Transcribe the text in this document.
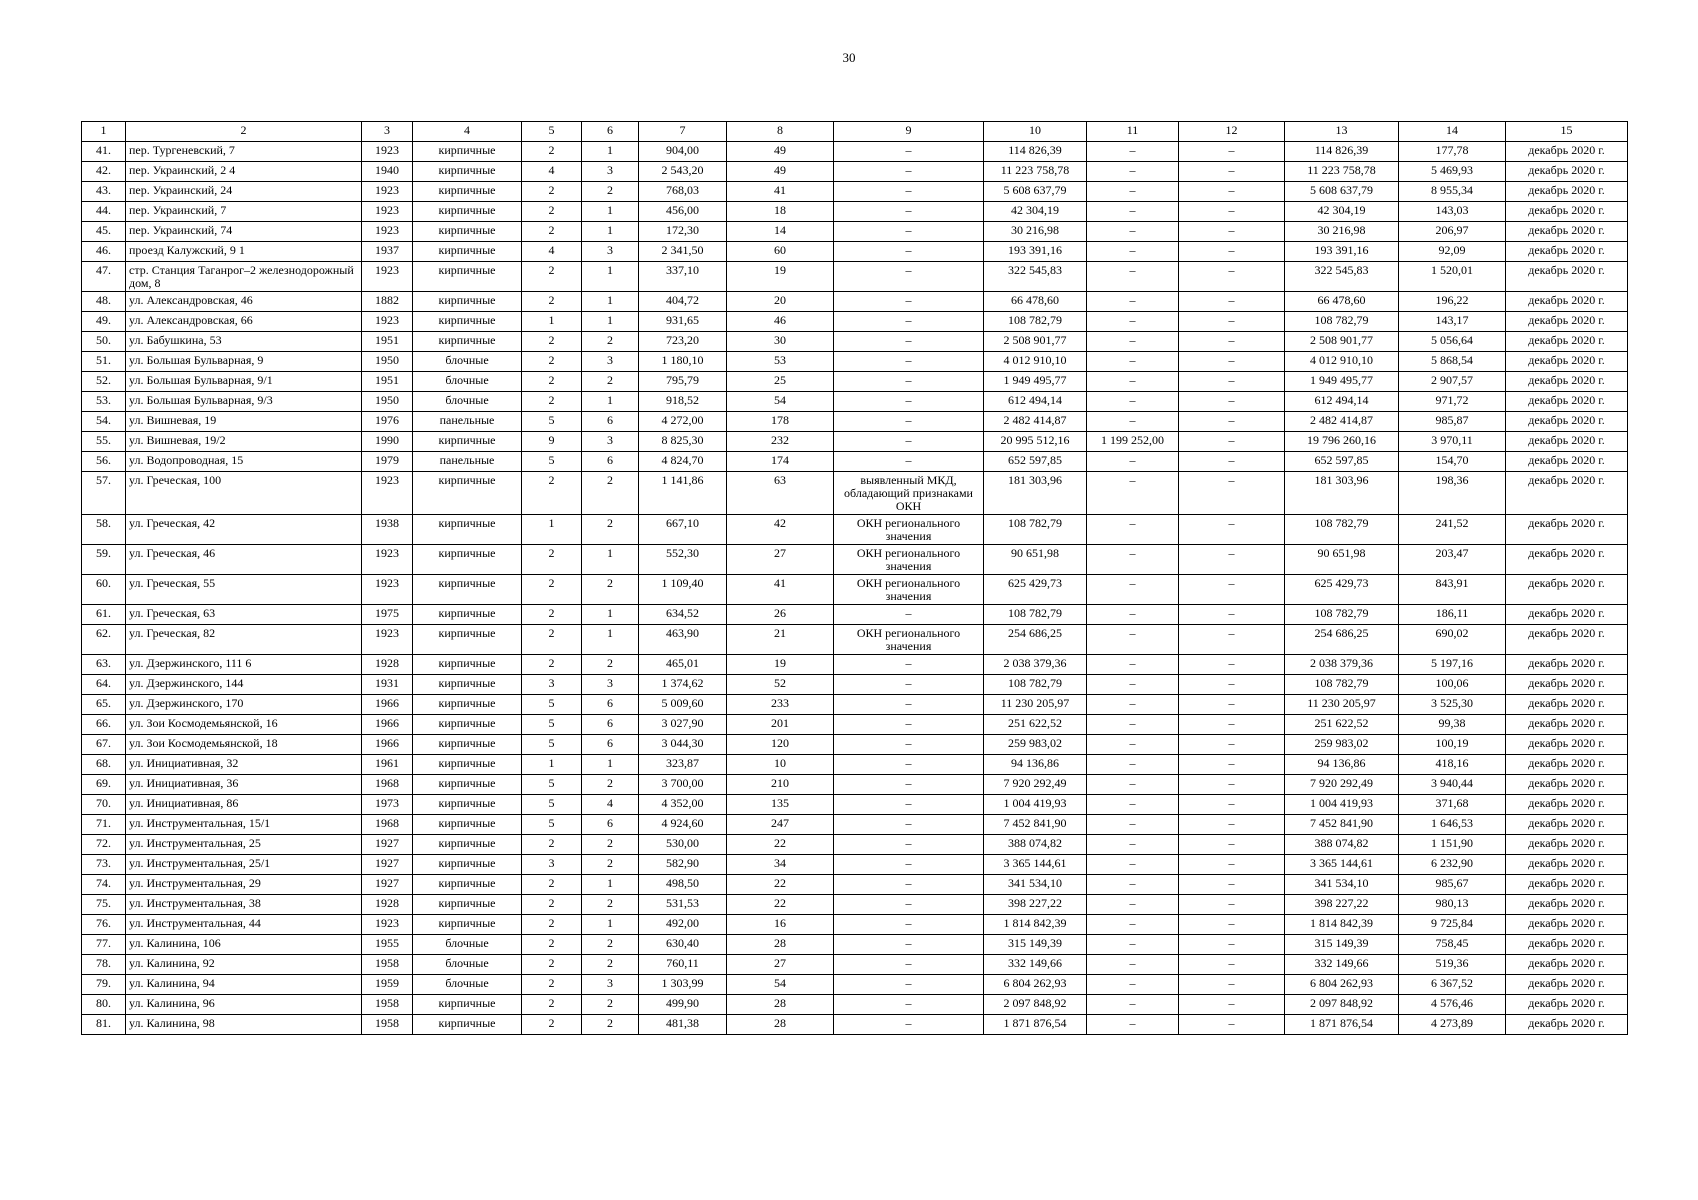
30
1	2	3	4	5	6	7	8	9	10	11	12	13	14	15
41.	пер. Тургеневский, 7	1923	кирпичные	2	1	904,00	49	–	114 826,39	–	–	114 826,39	177,78	декабрь 2020 г.
42.	пер. Украинский, 2 4	1940	кирпичные	4	3	2 543,20	49	–	11 223 758,78	–	–	11 223 758,78	5 469,93	декабрь 2020 г.
43.	пер. Украинский, 24	1923	кирпичные	2	2	768,03	41	–	5 608 637,79	–	–	5 608 637,79	8 955,34	декабрь 2020 г.
44.	пер. Украинский, 7	1923	кирпичные	2	1	456,00	18	–	42 304,19	–	–	42 304,19	143,03	декабрь 2020 г.
45.	пер. Украинский, 74	1923	кирпичные	2	1	172,30	14	–	30 216,98	–	–	30 216,98	206,97	декабрь 2020 г.
46.	проезд Калужский, 9 1	1937	кирпичные	4	3	2 341,50	60	–	193 391,16	–	–	193 391,16	92,09	декабрь 2020 г.
47.	стр. Станция Таганрог–2 железнодорожный дом, 8	1923	кирпичные	2	1	337,10	19	–	322 545,83	–	–	322 545,83	1 520,01	декабрь 2020 г.
48.	ул. Александровская, 46	1882	кирпичные	2	1	404,72	20	–	66 478,60	–	–	66 478,60	196,22	декабрь 2020 г.
49.	ул. Александровская, 66	1923	кирпичные	1	1	931,65	46	–	108 782,79	–	–	108 782,79	143,17	декабрь 2020 г.
50.	ул. Бабушкина, 53	1951	кирпичные	2	2	723,20	30	–	2 508 901,77	–	–	2 508 901,77	5 056,64	декабрь 2020 г.
51.	ул. Большая Бульварная, 9	1950	блочные	2	3	1 180,10	53	–	4 012 910,10	–	–	4 012 910,10	5 868,54	декабрь 2020 г.
52.	ул. Большая Бульварная, 9/1	1951	блочные	2	2	795,79	25	–	1 949 495,77	–	–	1 949 495,77	2 907,57	декабрь 2020 г.
53.	ул. Большая Бульварная, 9/3	1950	блочные	2	1	918,52	54	–	612 494,14	–	–	612 494,14	971,72	декабрь 2020 г.
54.	ул. Вишневая, 19	1976	панельные	5	6	4 272,00	178	–	2 482 414,87	–	–	2 482 414,87	985,87	декабрь 2020 г.
55.	ул. Вишневая, 19/2	1990	кирпичные	9	3	8 825,30	232	–	20 995 512,16	1 199 252,00	–	19 796 260,16	3 970,11	декабрь 2020 г.
56.	ул. Водопроводная, 15	1979	панельные	5	6	4 824,70	174	–	652 597,85	–	–	652 597,85	154,70	декабрь 2020 г.
57.	ул. Греческая, 100	1923	кирпичные	2	2	1 141,86	63	выявленный МКД, обладающий признаками ОКН	181 303,96	–	–	181 303,96	198,36	декабрь 2020 г.
58.	ул. Греческая, 42	1938	кирпичные	1	2	667,10	42	ОКН регионального значения	108 782,79	–	–	108 782,79	241,52	декабрь 2020 г.
59.	ул. Греческая, 46	1923	кирпичные	2	1	552,30	27	ОКН регионального значения	90 651,98	–	–	90 651,98	203,47	декабрь 2020 г.
60.	ул. Греческая, 55	1923	кирпичные	2	2	1 109,40	41	ОКН регионального значения	625 429,73	–	–	625 429,73	843,91	декабрь 2020 г.
61.	ул. Греческая, 63	1975	кирпичные	2	1	634,52	26	–	108 782,79	–	–	108 782,79	186,11	декабрь 2020 г.
62.	ул. Греческая, 82	1923	кирпичные	2	1	463,90	21	ОКН регионального значения	254 686,25	–	–	254 686,25	690,02	декабрь 2020 г.
63.	ул. Дзержинского, 111 6	1928	кирпичные	2	2	465,01	19	–	2 038 379,36	–	–	2 038 379,36	5 197,16	декабрь 2020 г.
64.	ул. Дзержинского, 144	1931	кирпичные	3	3	1 374,62	52	–	108 782,79	–	–	108 782,79	100,06	декабрь 2020 г.
65.	ул. Дзержинского, 170	1966	кирпичные	5	6	5 009,60	233	–	11 230 205,97	–	–	11 230 205,97	3 525,30	декабрь 2020 г.
66.	ул. Зои Космодемьянской, 16	1966	кирпичные	5	6	3 027,90	201	–	251 622,52	–	–	251 622,52	99,38	декабрь 2020 г.
67.	ул. Зои Космодемьянской, 18	1966	кирпичные	5	6	3 044,30	120	–	259 983,02	–	–	259 983,02	100,19	декабрь 2020 г.
68.	ул. Инициативная, 32	1961	кирпичные	1	1	323,87	10	–	94 136,86	–	–	94 136,86	418,16	декабрь 2020 г.
69.	ул. Инициативная, 36	1968	кирпичные	5	2	3 700,00	210	–	7 920 292,49	–	–	7 920 292,49	3 940,44	декабрь 2020 г.
70.	ул. Инициативная, 86	1973	кирпичные	5	4	4 352,00	135	–	1 004 419,93	–	–	1 004 419,93	371,68	декабрь 2020 г.
71.	ул. Инструментальная, 15/1	1968	кирпичные	5	6	4 924,60	247	–	7 452 841,90	–	–	7 452 841,90	1 646,53	декабрь 2020 г.
72.	ул. Инструментальная, 25	1927	кирпичные	2	2	530,00	22	–	388 074,82	–	–	388 074,82	1 151,90	декабрь 2020 г.
73.	ул. Инструментальная, 25/1	1927	кирпичные	3	2	582,90	34	–	3 365 144,61	–	–	3 365 144,61	6 232,90	декабрь 2020 г.
74.	ул. Инструментальная, 29	1927	кирпичные	2	1	498,50	22	–	341 534,10	–	–	341 534,10	985,67	декабрь 2020 г.
75.	ул. Инструментальная, 38	1928	кирпичные	2	2	531,53	22	–	398 227,22	–	–	398 227,22	980,13	декабрь 2020 г.
76.	ул. Инструментальная, 44	1923	кирпичные	2	1	492,00	16	–	1 814 842,39	–	–	1 814 842,39	9 725,84	декабрь 2020 г.
77.	ул. Калинина, 106	1955	блочные	2	2	630,40	28	–	315 149,39	–	–	315 149,39	758,45	декабрь 2020 г.
78.	ул. Калинина, 92	1958	блочные	2	2	760,11	27	–	332 149,66	–	–	332 149,66	519,36	декабрь 2020 г.
79.	ул. Калинина, 94	1959	блочные	2	3	1 303,99	54	–	6 804 262,93	–	–	6 804 262,93	6 367,52	декабрь 2020 г.
80.	ул. Калинина, 96	1958	кирпичные	2	2	499,90	28	–	2 097 848,92	–	–	2 097 848,92	4 576,46	декабрь 2020 г.
81.	ул. Калинина, 98	1958	кирпичные	2	2	481,38	28	–	1 871 876,54	–	–	1 871 876,54	4 273,89	декабрь 2020 г.
